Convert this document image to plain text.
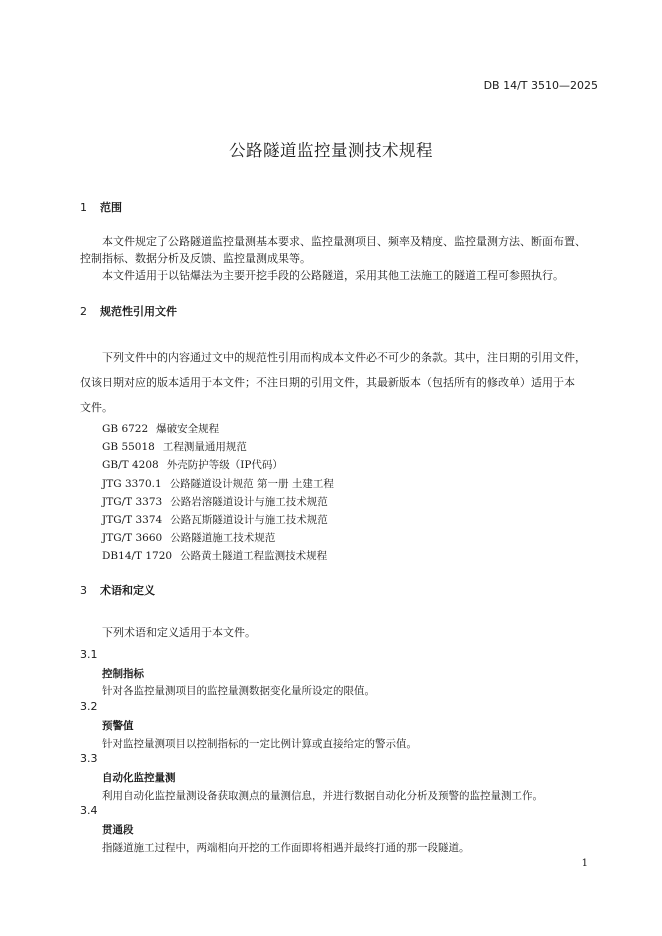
DB 14/T 3510—2025
公路隧道监控量测技术规程
1 范围
本文件规定了公路隧道监控量测基本要求、监控量测项目、频率及精度、监控量测方法、断面布置、
控制指标、数据分析及反馈、监控量测成果等。
本文件适用于以钻爆法为主要开挖手段的公路隧道，采用其他工法施工的隧道工程可参照执行。
2 规范性引用文件
下列文件中的内容通过文中的规范性引用而构成本文件必不可少的条款。其中，注日期的引用文件，
仅该日期对应的版本适用于本文件；不注日期的引用文件，其最新版本（包括所有的修改单）适用于本
文件。
GB 6722 爆破安全规程
GB 55018 工程测量通用规范
GB/T 4208 外壳防护等级（IP代码）
JTG 3370.1 公路隧道设计规范 第一册 土建工程
JTG/T 3373 公路岩溶隧道设计与施工技术规范
JTG/T 3374 公路瓦斯隧道设计与施工技术规范
JTG/T 3660 公路隧道施工技术规范
DB14/T 1720 公路黄土隧道工程监测技术规程
3 术语和定义
下列术语和定义适用于本文件。
3.1
控制指标
针对各监控量测项目的监控量测数据变化量所设定的限值。
3.2
预警值
针对监控量测项目以控制指标的一定比例计算或直接给定的警示值。
3.3
自动化监控量测
利用自动化监控量测设备获取测点的量测信息，并进行数据自动化分析及预警的监控量测工作。
3.4
贯通段
指隧道施工过程中，两端相向开挖的工作面即将相遇并最终打通的那一段隧道。
1
